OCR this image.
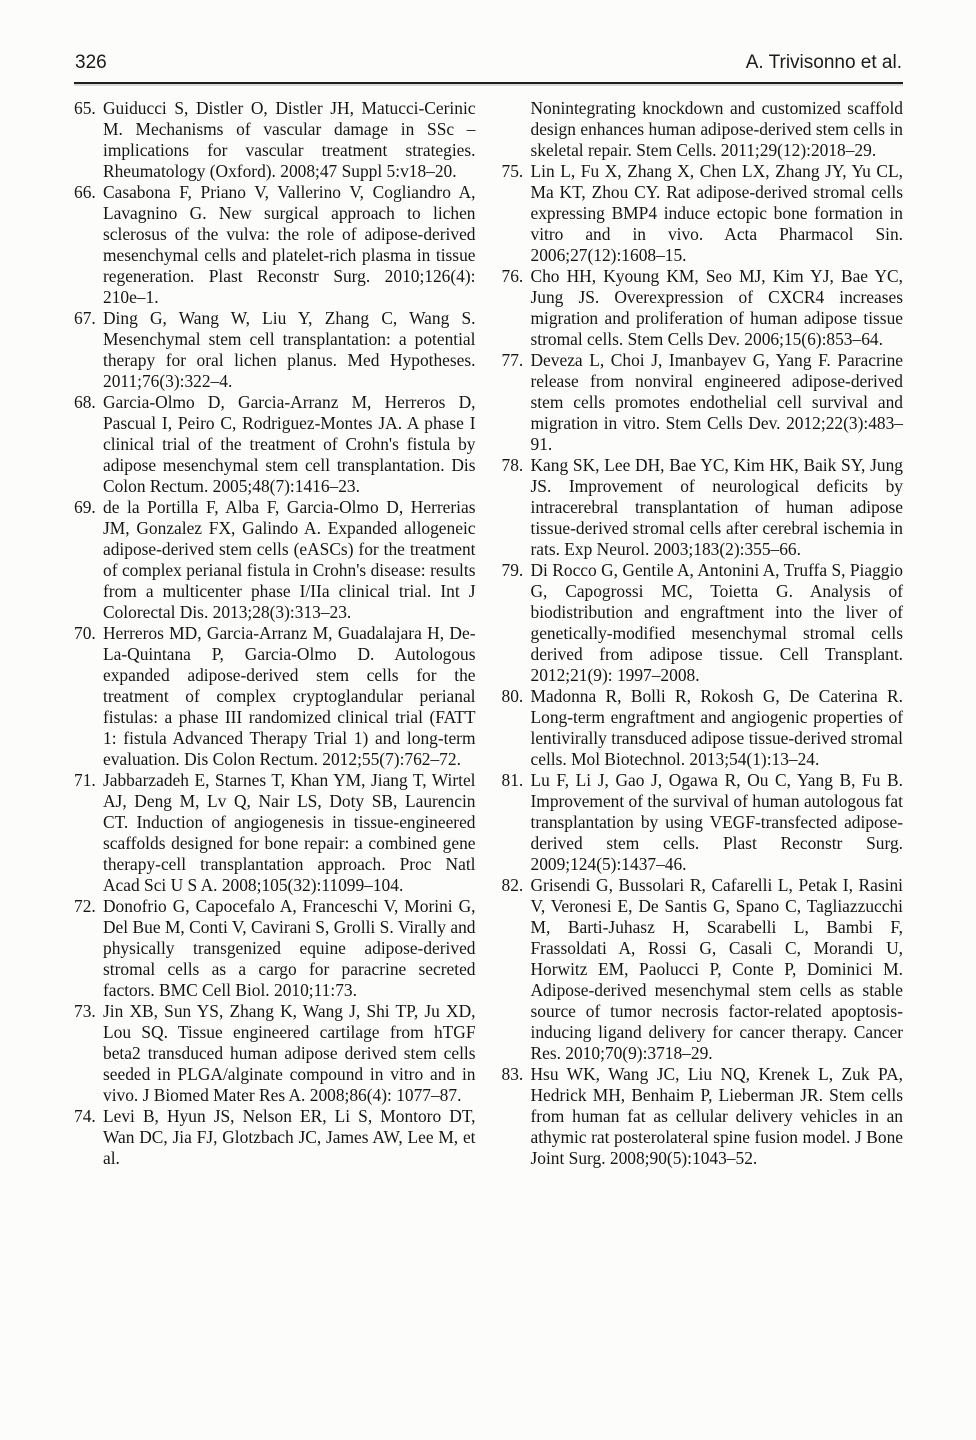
326	A. Trivisonno et al.

65. Guiducci S, Distler O, Distler JH, Matucci-Cerinic M. Mechanisms of vascular damage in SSc – implications for vascular treatment strategies. Rheumatology (Oxford). 2008;47 Suppl 5:v18–20.

66. Casabona F, Priano V, Vallerino V, Cogliandro A, Lavagnino G. New surgical approach to lichen sclerosus of the vulva: the role of adipose-derived mesenchymal cells and platelet-rich plasma in tissue regeneration. Plast Reconstr Surg. 2010;126(4): 210e–1.

67. Ding G, Wang W, Liu Y, Zhang C, Wang S. Mesenchymal stem cell transplantation: a potential therapy for oral lichen planus. Med Hypotheses. 2011;76(3):322–4.

68. Garcia-Olmo D, Garcia-Arranz M, Herreros D, Pascual I, Peiro C, Rodriguez-Montes JA. A phase I clinical trial of the treatment of Crohn's fistula by adipose mesenchymal stem cell transplantation. Dis Colon Rectum. 2005;48(7):1416–23.

69. de la Portilla F, Alba F, Garcia-Olmo D, Herrerias JM, Gonzalez FX, Galindo A. Expanded allogeneic adipose-derived stem cells (eASCs) for the treatment of complex perianal fistula in Crohn's disease: results from a multicenter phase I/IIa clinical trial. Int J Colorectal Dis. 2013;28(3):313–23.

70. Herreros MD, Garcia-Arranz M, Guadalajara H, De-La-Quintana P, Garcia-Olmo D. Autologous expanded adipose-derived stem cells for the treatment of complex cryptoglandular perianal fistulas: a phase III randomized clinical trial (FATT 1: fistula Advanced Therapy Trial 1) and long-term evaluation. Dis Colon Rectum. 2012;55(7):762–72.

71. Jabbarzadeh E, Starnes T, Khan YM, Jiang T, Wirtel AJ, Deng M, Lv Q, Nair LS, Doty SB, Laurencin CT. Induction of angiogenesis in tissue-engineered scaffolds designed for bone repair: a combined gene therapy-cell transplantation approach. Proc Natl Acad Sci U S A. 2008;105(32):11099–104.

72. Donofrio G, Capocefalo A, Franceschi V, Morini G, Del Bue M, Conti V, Cavirani S, Grolli S. Virally and physically transgenized equine adipose-derived stromal cells as a cargo for paracrine secreted factors. BMC Cell Biol. 2010;11:73.

73. Jin XB, Sun YS, Zhang K, Wang J, Shi TP, Ju XD, Lou SQ. Tissue engineered cartilage from hTGF beta2 transduced human adipose derived stem cells seeded in PLGA/alginate compound in vitro and in vivo. J Biomed Mater Res A. 2008;86(4): 1077–87.

74. Levi B, Hyun JS, Nelson ER, Li S, Montoro DT, Wan DC, Jia FJ, Glotzbach JC, James AW, Lee M, et al.

Nonintegrating knockdown and customized scaffold design enhances human adipose-derived stem cells in skeletal repair. Stem Cells. 2011;29(12):2018–29.

75. Lin L, Fu X, Zhang X, Chen LX, Zhang JY, Yu CL, Ma KT, Zhou CY. Rat adipose-derived stromal cells expressing BMP4 induce ectopic bone formation in vitro and in vivo. Acta Pharmacol Sin. 2006;27(12):1608–15.

76. Cho HH, Kyoung KM, Seo MJ, Kim YJ, Bae YC, Jung JS. Overexpression of CXCR4 increases migration and proliferation of human adipose tissue stromal cells. Stem Cells Dev. 2006;15(6):853–64.

77. Deveza L, Choi J, Imanbayev G, Yang F. Paracrine release from nonviral engineered adipose-derived stem cells promotes endothelial cell survival and migration in vitro. Stem Cells Dev. 2012;22(3):483–91.

78. Kang SK, Lee DH, Bae YC, Kim HK, Baik SY, Jung JS. Improvement of neurological deficits by intracerebral transplantation of human adipose tissue-derived stromal cells after cerebral ischemia in rats. Exp Neurol. 2003;183(2):355–66.

79. Di Rocco G, Gentile A, Antonini A, Truffa S, Piaggio G, Capogrossi MC, Toietta G. Analysis of biodistribution and engraftment into the liver of genetically-modified mesenchymal stromal cells derived from adipose tissue. Cell Transplant. 2012;21(9): 1997–2008.

80. Madonna R, Bolli R, Rokosh G, De Caterina R. Long-term engraftment and angiogenic properties of lentivirally transduced adipose tissue-derived stromal cells. Mol Biotechnol. 2013;54(1):13–24.

81. Lu F, Li J, Gao J, Ogawa R, Ou C, Yang B, Fu B. Improvement of the survival of human autologous fat transplantation by using VEGF-transfected adipose-derived stem cells. Plast Reconstr Surg. 2009;124(5):1437–46.

82. Grisendi G, Bussolari R, Cafarelli L, Petak I, Rasini V, Veronesi E, De Santis G, Spano C, Tagliazzucchi M, Barti-Juhasz H, Scarabelli L, Bambi F, Frassoldati A, Rossi G, Casali C, Morandi U, Horwitz EM, Paolucci P, Conte P, Dominici M. Adipose-derived mesenchymal stem cells as stable source of tumor necrosis factor-related apoptosis-inducing ligand delivery for cancer therapy. Cancer Res. 2010;70(9):3718–29.

83. Hsu WK, Wang JC, Liu NQ, Krenek L, Zuk PA, Hedrick MH, Benhaim P, Lieberman JR. Stem cells from human fat as cellular delivery vehicles in an athymic rat posterolateral spine fusion model. J Bone Joint Surg. 2008;90(5):1043–52.
